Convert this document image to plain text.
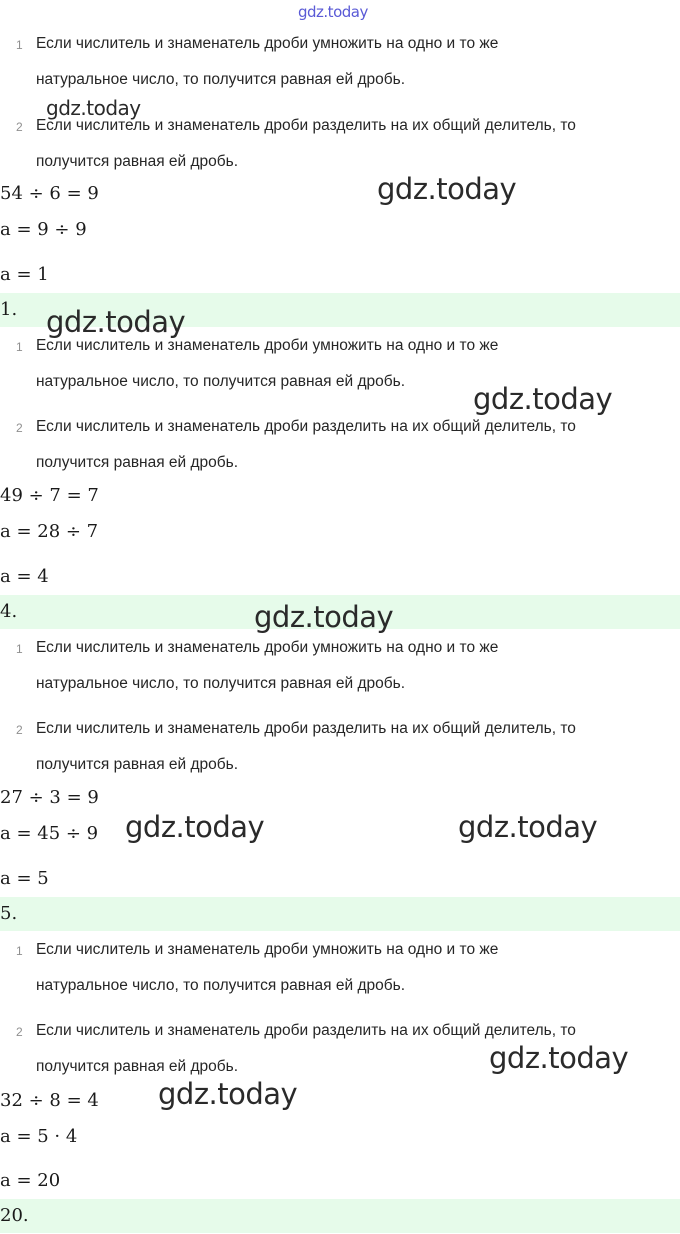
gdz.today
1 Если числитель и знаменатель дроби умножить на одно и то же
натуральное число, то получится равная ей дробь.
2 Если числитель и знаменатель дроби разделить на их общий делитель, то
получится равная ей дробь.
54 ÷ 6 = 9
a = 9 ÷ 9
a = 1
1.
1 Если числитель и знаменатель дроби умножить на одно и то же
натуральное число, то получится равная ей дробь.
2 Если числитель и знаменатель дроби разделить на их общий делитель, то
получится равная ей дробь.
49 ÷ 7 = 7
a = 28 ÷ 7
a = 4
4.
1 Если числитель и знаменатель дроби умножить на одно и то же
натуральное число, то получится равная ей дробь.
2 Если числитель и знаменатель дроби разделить на их общий делитель, то
получится равная ей дробь.
27 ÷ 3 = 9
a = 45 ÷ 9
a = 5
5.
1 Если числитель и знаменатель дроби умножить на одно и то же
натуральное число, то получится равная ей дробь.
2 Если числитель и знаменатель дроби разделить на их общий делитель, то
получится равная ей дробь.
32 ÷ 8 = 4
a = 5 · 4
a = 20
20.
gdz.today
gdz.today
gdz.today
gdz.today
gdz.today
gdz.today	gdz.today
gdz.today
gdz.today
